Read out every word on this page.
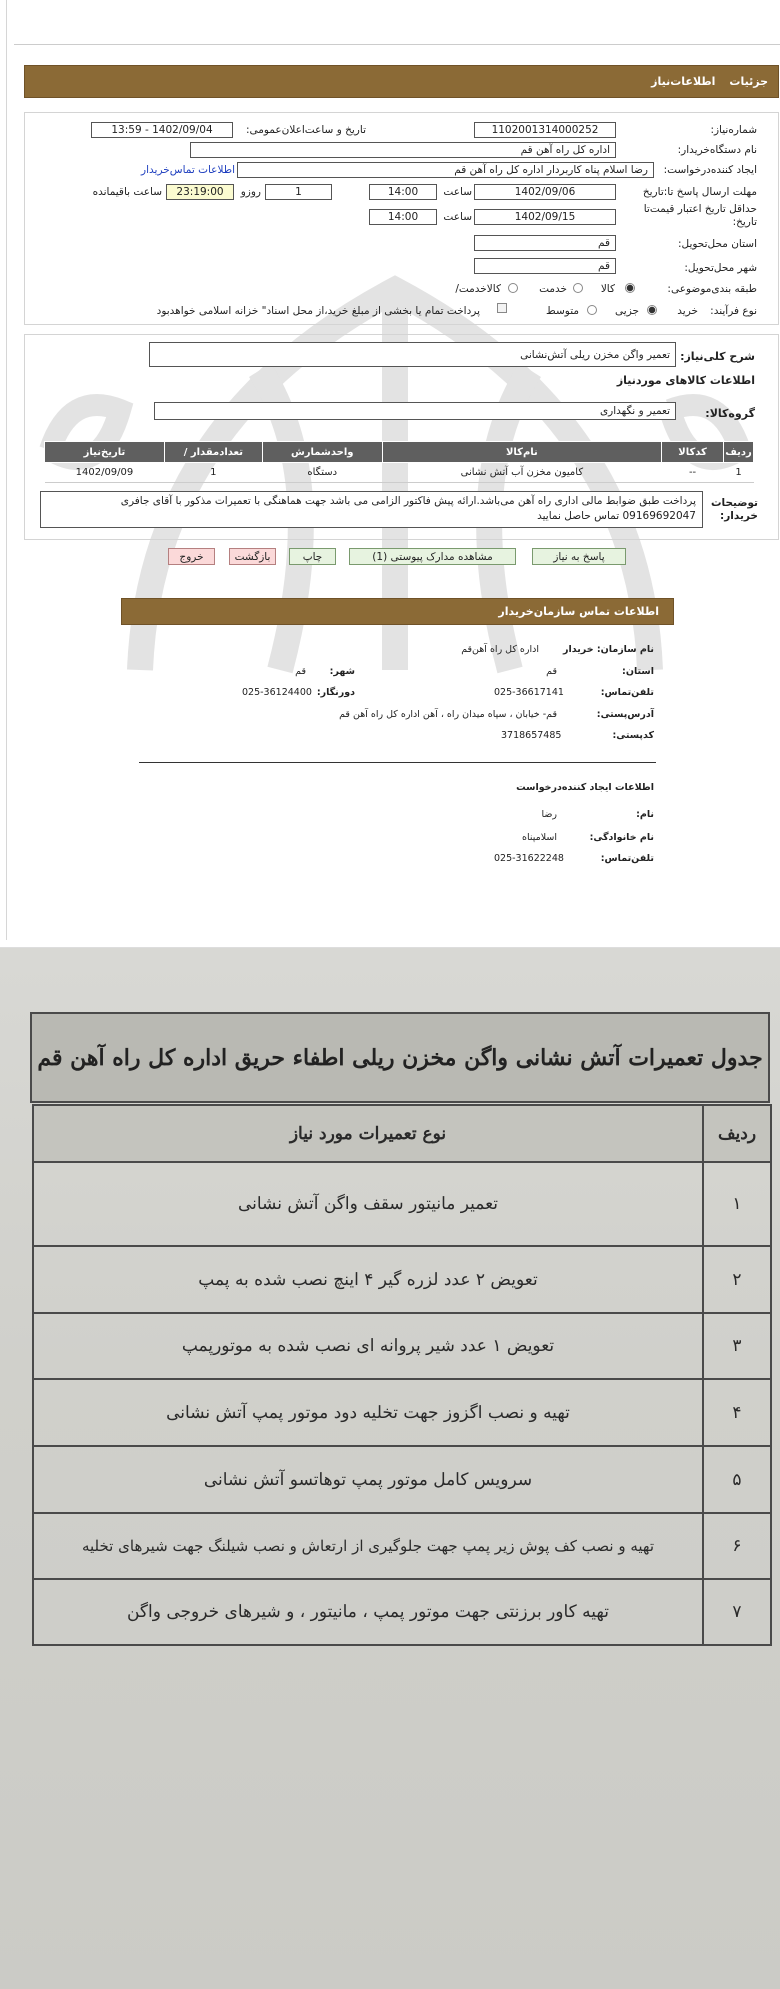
جزئیات
اطلاعات‌نیاز
شماره‌نیاز:
1102001314000252
تاریخ و ساعت‌اعلان‌عمومی:
1402/09/04 - 13:59
نام دستگاه‌خریدار:
اداره کل راه آهن قم
ایجاد کننده‌درخواست:
رضا اسلام پناه کاربردار اداره کل راه آهن قم
اطلاعات تماس‌خریدار
مهلت ارسال پاسخ تا:تاریخ
1402/09/06
ساعت
14:00
1
روزو
23:19:00
ساعت باقیمانده
حداقل تاریخ اعتبار قیمت‌تا
تاریخ:
1402/09/15
ساعت
14:00
استان محل‌تحویل:
قم
شهر محل‌تحویل:
قم
طبقه بندی‌موضوعی:
کالا
خدمت
کالاخدمت/
نوع فرآیند:
خرید
جزیی
متوسط
پرداخت تمام یا بخشی از مبلغ خرید،از محل اسناد" خزانه اسلامی خواهد‌بود
شرح کلی‌نیاز:
تعمیر واگن مخزن ریلی آتش‌نشانی
اطلاعات کالاهای موردنیاز
گروه‌کالا:
تعمیر و نگهداری
ردیف	کدکالا	نام‌کالا	واحدشمارش	تعدادمقدار /	تاریخ‌نیاز
1	--	کامیون مخزن آب آتش نشانی	دستگاه	1	1402/09/09
توضیحات خریدار:
پرداخت طبق ضوابط مالی اداری راه آهن می‌باشد.ارائه پیش فاکتور الزامی می باشد جهت هماهنگی با تعمیرات مذکور با آقای جافری
09169692047 تماس حاصل نمایید
پاسخ به نیاز
مشاهده مدارک پیوستی (1)
چاپ
بازگشت
خروج
اطلاعات تماس سازمان‌خریدار
نام سازمان: خریدار
اداره کل راه آهن‌قم
استان:
قم
شهر:
قم
تلفن‌تماس:
025-36617141
دورنگار:
025-36124400
آدرس‌پستی:
قم- خیابان ، سپاه میدان راه ، آهن اداره کل راه آهن قم
کد‌پستی:
3718657485
اطلاعات ایجاد کننده‌درخواست
نام:
رضا
نام خانوادگی:
اسلامپناه
تلفن‌تماس:
025-31622248
جدول تعمیرات آتش نشانی واگن مخزن ریلی اطفاء حریق اداره کل راه آهن قم
ردیف	نوع تعمیرات مورد نیاز
۱	تعمیر مانیتور سقف واگن آتش نشانی
۲	تعویض ۲ عدد لزره گیر ۴ اینچ نصب شده به پمپ
۳	تعویض ۱ عدد شیر پروانه ای نصب شده به موتورپمپ
۴	تهیه و نصب اگزوز جهت تخلیه دود موتور پمپ آتش نشانی
۵	سرویس کامل موتور پمپ توهاتسو آتش نشانی
۶	تهیه و نصب کف پوش زیر پمپ جهت جلوگیری از ارتعاش و نصب شیلنگ جهت شیرهای تخلیه
۷	تهیه کاور برزنتی جهت موتور پمپ ، مانیتور ، و شیرهای خروجی واگن
